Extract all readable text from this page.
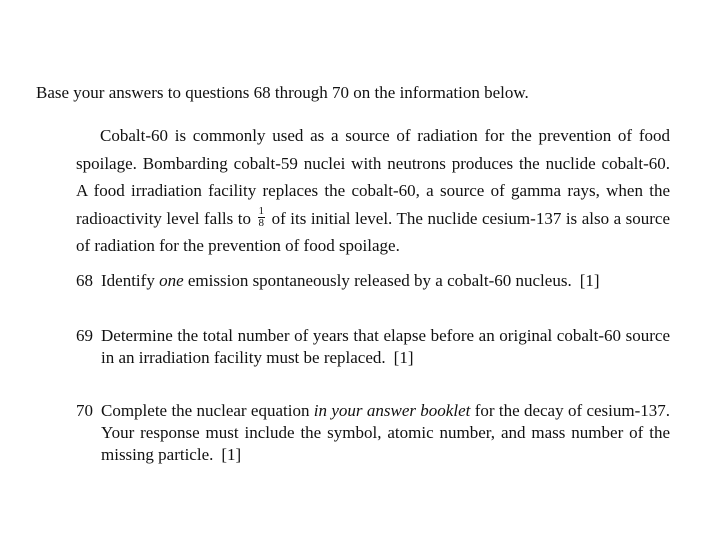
Base your answers to questions 68 through 70 on the information below.
Cobalt-60 is commonly used as a source of radiation for the prevention of food spoilage. Bombarding cobalt-59 nuclei with neutrons produces the nuclide cobalt-60. A food irradiation facility replaces the cobalt-60, a source of gamma rays, when the radioactivity level falls to $\frac{1}{8}$ of its initial level. The nuclide cesium-137 is also a source of radiation for the prevention of food spoilage.
68 Identify one emission spontaneously released by a cobalt-60 nucleus. [1]
69 Determine the total number of years that elapse before an original cobalt-60 source in an irradiation facility must be replaced. [1]
70 Complete the nuclear equation in your answer booklet for the decay of cesium-137. Your response must include the symbol, atomic number, and mass number of the missing particle. [1]
